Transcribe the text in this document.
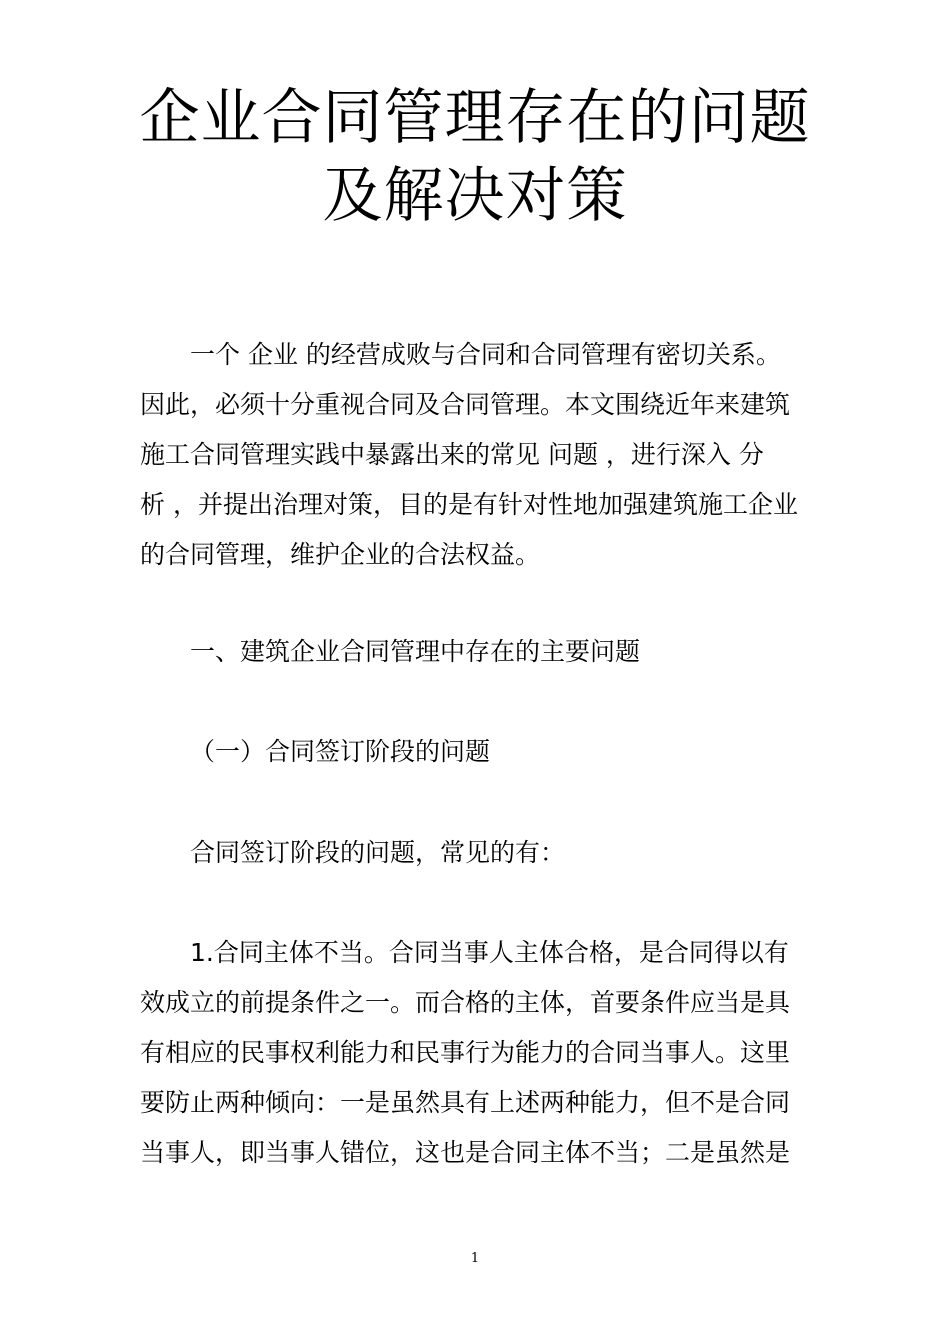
企业合同管理存在的问题
及解决对策
一个 企业 的经营成败与合同和合同管理有密切关系。
因此，必须十分重视合同及合同管理。本文围绕近年来建筑
施工合同管理实践中暴露出来的常见 问题 ，进行深入 分
析 ，并提出治理对策，目的是有针对性地加强建筑施工企业
的合同管理，维护企业的合法权益。
一、建筑企业合同管理中存在的主要问题
（一）合同签订阶段的问题
合同签订阶段的问题，常见的有：
1.合同主体不当。合同当事人主体合格，是合同得以有
效成立的前提条件之一。而合格的主体，首要条件应当是具
有相应的民事权利能力和民事行为能力的合同当事人。这里
要防止两种倾向：一是虽然具有上述两种能力，但不是合同
当事人，即当事人错位，这也是合同主体不当；二是虽然是
1
